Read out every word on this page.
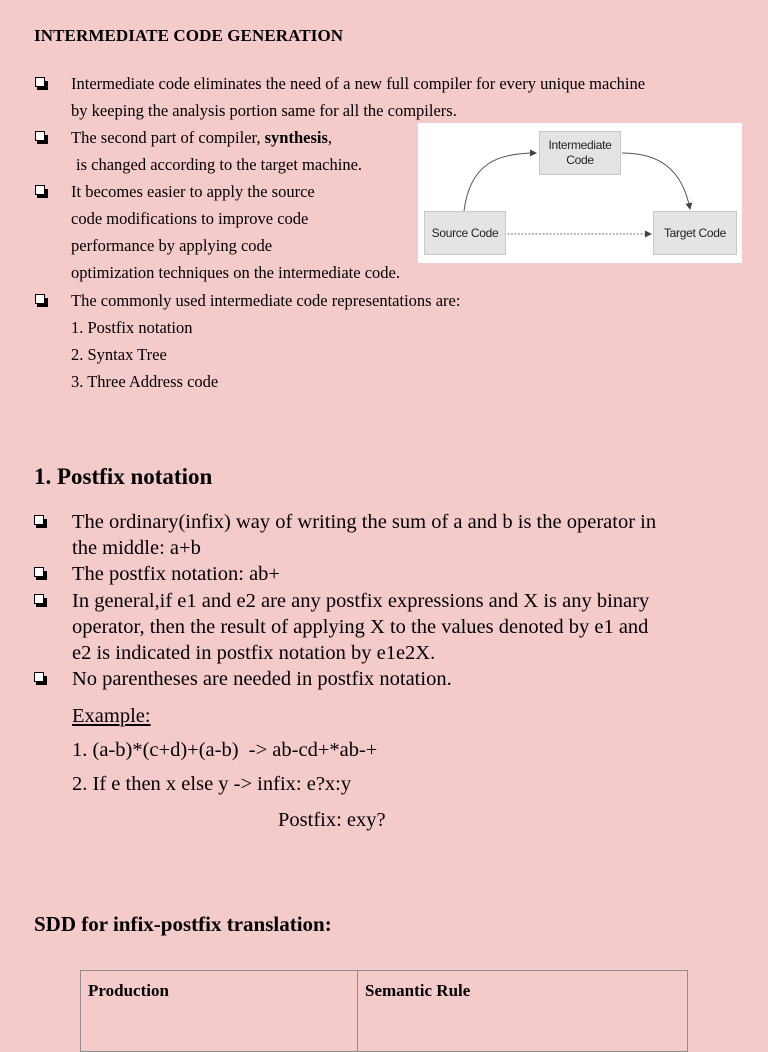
INTERMEDIATE CODE GENERATION
Intermediate code eliminates the need of a new full compiler for every unique machine
by keeping the analysis portion same for all the compilers.
The second part of compiler, synthesis,
is changed according to the target machine.
It becomes easier to apply the source
code modifications to improve code
performance by applying code
optimization techniques on the intermediate code.
The commonly used intermediate code representations are:
1. Postfix notation
2. Syntax Tree
3. Three Address code
Intermediate
Code
Source Code	Target Code
1. Postfix notation
The ordinary(infix) way of writing the sum of a and b is the operator in
the middle: a+b
The postfix notation: ab+
In general,if e1 and e2 are any postfix expressions and X is any binary
operator, then the result of applying X to the values denoted by e1 and
e2 is indicated in postfix notation by e1e2X.
No parentheses are needed in postfix notation.
Example:
1. (a-b)*(c+d)+(a-b)  -> ab-cd+*ab-+
2. If e then x else y -> infix: e?x:y
Postfix: exy?
SDD for infix-postfix translation:
Production	Semantic Rule
